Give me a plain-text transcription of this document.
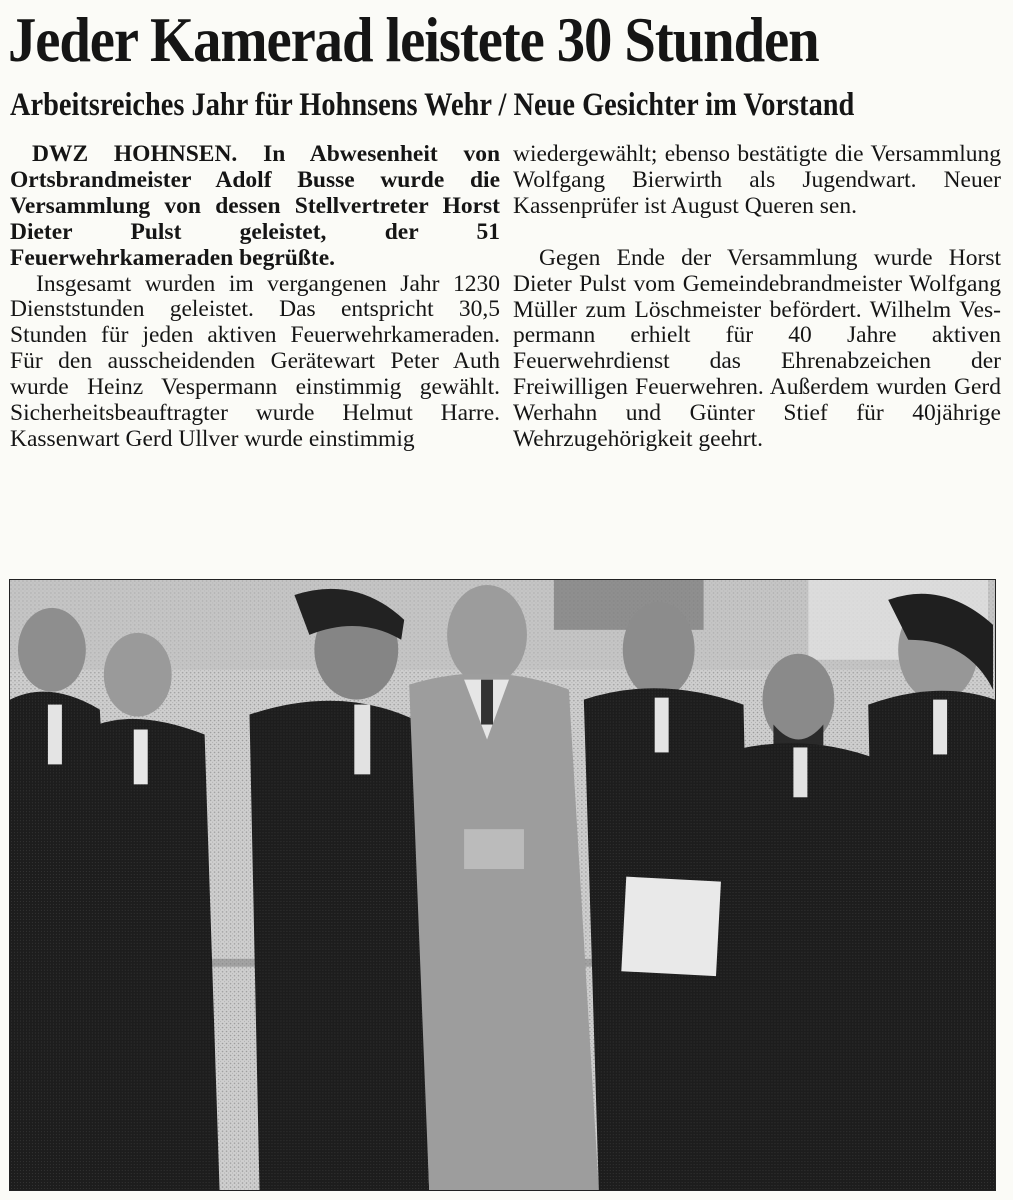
Jeder Kamerad leistete 30 Stunden
Arbeitsreiches Jahr für Hohnsens Wehr / Neue Gesichter im Vorstand

DWZ HOHNSEN. In Abwesenheit von Ortsbrandmeister Adolf Busse wurde die Versammlung von dessen Stellvertreter Horst Dieter Pulst geleistet, der 51 Feuerwehrkameraden begrüßte.

Insgesamt wurden im vergangenen Jahr 1230 Dienststunden geleistet. Das entspricht 30,5 Stunden für jeden aktiven Feuerwehrkameraden. Für den ausscheidenden Gerätewart Peter Auth wurde Heinz Vespermann einstimmig gewählt. Sicherheitsbeauftragter wurde Helmut Harre. Kassenwart Gerd Ullver wurde einstimmig

wiedergewählt; ebenso bestätigte die Versammlung Wolfgang Bierwirth als Jugendwart. Neuer Kassenprüfer ist August Queren sen.

Gegen Ende der Versammlung wurde Horst Dieter Pulst vom Gemeindebrandmeister Wolfgang Müller zum Löschmeister befördert. Wilhelm Vespermann erhielt für 40 Jahre aktiven Feuerwehrdienst das Ehrenabzeichen der Freiwilligen Feuerwehren. Außerdem wurden Gerd Werhahn und Günter Stief für 40jährige Wehrzugehörigkeit geehrt.
